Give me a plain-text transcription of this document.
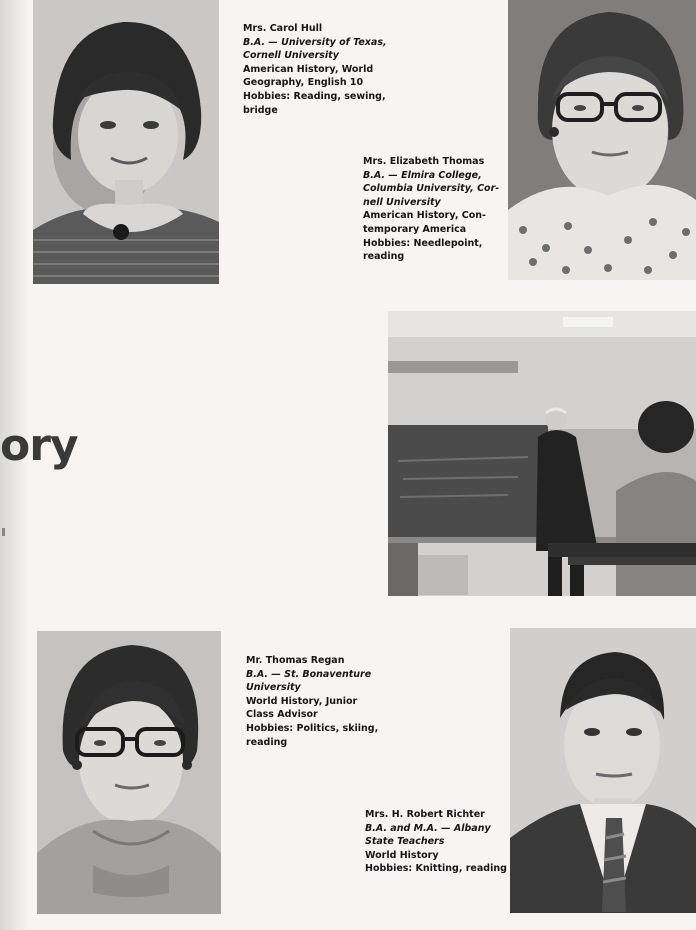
Mrs. Carol Hull
B.A. — University of Texas,
Cornell University
American History, World
Geography, English 10
Hobbies: Reading, sewing,
bridge
Mrs. Elizabeth Thomas
B.A. — Elmira College,
Columbia University, Cor-
nell University
American History, Con-
temporary America
Hobbies: Needlepoint,
reading
ory
Mr. Thomas Regan
B.A. — St. Bonaventure
University
World History, Junior
Class Advisor
Hobbies: Politics, skiing,
reading
Mrs. H. Robert Richter
B.A. and M.A. — Albany
State Teachers
World History
Hobbies: Knitting, reading
